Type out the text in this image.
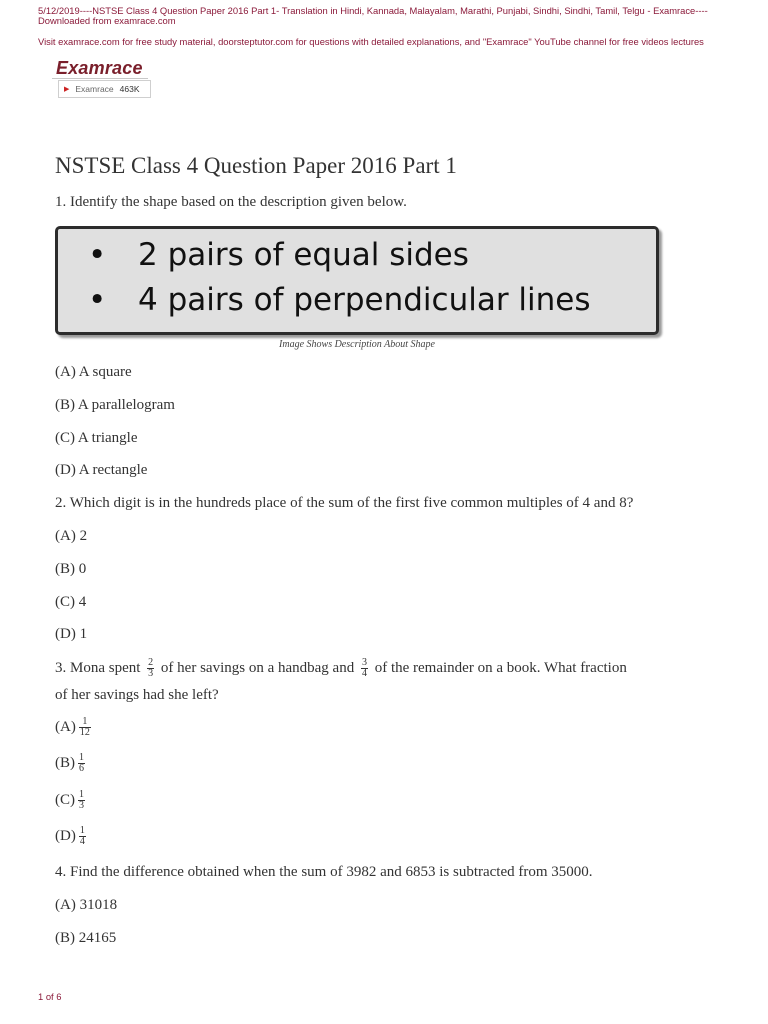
5/12/2019----NSTSE Class 4 Question Paper 2016 Part 1- Translation in Hindi, Kannada, Malayalam, Marathi, Punjabi, Sindhi, Sindhi, Tamil, Telgu - Examrace----Downloaded from examrace.com
Visit examrace.com for free study material, doorsteptutor.com for questions with detailed explanations, and "Examrace" YouTube channel for free videos lectures
Examrace
▶ Examrace 463K
NSTSE Class 4 Question Paper 2016 Part 1
1. Identify the shape based on the description given below.
• 2 pairs of equal sides
• 4 pairs of perpendicular lines
Image Shows Description About Shape
(A) A square
(B) A parallelogram
(C) A triangle
(D) A rectangle
2. Which digit is in the hundreds place of the sum of the first five common multiples of 4 and 8?
(A) 2
(B) 0
(C) 4
(D) 1
3. Mona spent $\frac{2}{3}$ of her savings on a handbag and $\frac{3}{4}$ of the remainder on a book. What fraction
of her savings had she left?
$(A) \frac{1}{12}$
$(B) \frac{1}{6}$
$(C) \frac{1}{3}$
$(D) \frac{1}{4}$
4. Find the difference obtained when the sum of 3982 and 6853 is subtracted from 35000.
(A) 31018
(B) 24165
1 of 6
